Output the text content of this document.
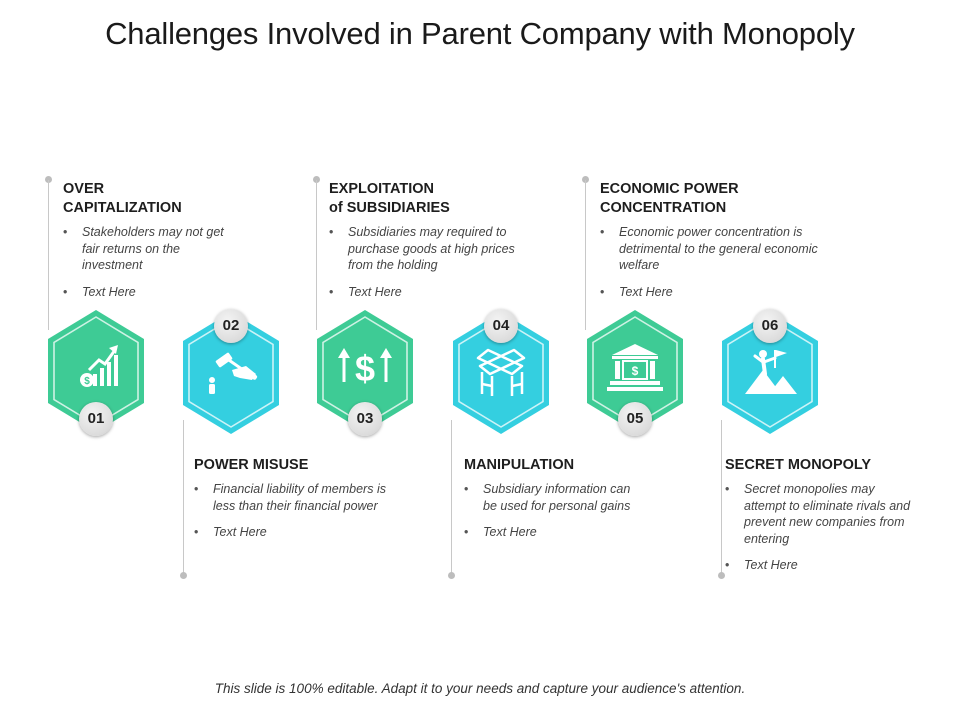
Challenges Involved in Parent Company with Monopoly
OVER
CAPITALIZATION
• Stakeholders may not get fair returns on the investment
• Text Here
EXPLOITATION
of SUBSIDIARIES
• Subsidiaries may required to purchase goods at high prices from the holding
• Text Here
ECONOMIC POWER
CONCENTRATION
• Economic power concentration is detrimental to the general economic welfare
• Text Here
POWER MISUSE
• Financial liability of members is less than their financial power
• Text Here
MANIPULATION
• Subsidiary information can be used for personal gains
• Text Here
SECRET MONOPOLY
• Secret monopolies may attempt to eliminate rivals and prevent new companies from entering
• Text Here
$	$	$
01
02
03
04
05
06
This slide is 100% editable. Adapt it to your needs and capture your audience's attention.
